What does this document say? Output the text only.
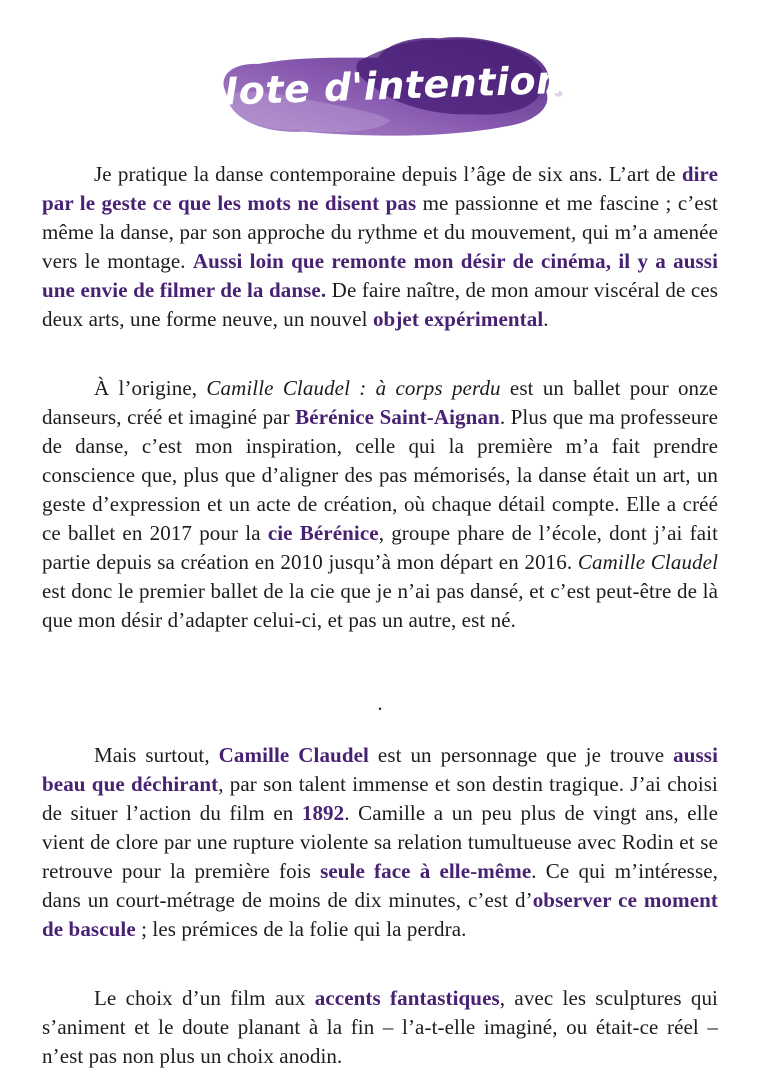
Note d'intention

Je pratique la danse contemporaine depuis l’âge de six ans. L’art de dire par le geste ce que les mots ne disent pas me passionne et me fascine ; c’est même la danse, par son approche du rythme et du mouvement, qui m’a amenée vers le montage. Aussi loin que remonte mon désir de cinéma, il y a aussi une envie de filmer de la danse. De faire naître, de mon amour viscéral de ces deux arts, une forme neuve, un nouvel objet expérimental.

À l’origine, Camille Claudel : à corps perdu est un ballet pour onze danseurs, créé et imaginé par Bérénice Saint-Aignan. Plus que ma professeure de danse, c’est mon inspiration, celle qui la première m’a fait prendre conscience que, plus que d’aligner des pas mémorisés, la danse était un art, un geste d’expression et un acte de création, où chaque détail compte. Elle a créé ce ballet en 2017 pour la cie Bérénice, groupe phare de l’école, dont j’ai fait partie depuis sa création en 2010 jusqu’à mon départ en 2016. Camille Claudel est donc le premier ballet de la cie que je n’ai pas dansé, et c’est peut-être de là que mon désir d’adapter celui-ci, et pas un autre, est né.

.

Mais surtout, Camille Claudel est un personnage que je trouve aussi beau que déchirant, par son talent immense et son destin tragique. J’ai choisi de situer l’action du film en 1892. Camille a un peu plus de vingt ans, elle vient de clore par une rupture violente sa relation tumultueuse avec Rodin et se retrouve pour la première fois seule face à elle-même. Ce qui m’intéresse, dans un court-métrage de moins de dix minutes, c’est d’observer ce moment de bascule ; les prémices de la folie qui la perdra.

Le choix d’un film aux accents fantastiques, avec les sculptures qui s’animent et le doute planant à la fin – l’a-t-elle imaginé, ou était-ce réel – n’est pas non plus un choix anodin.
